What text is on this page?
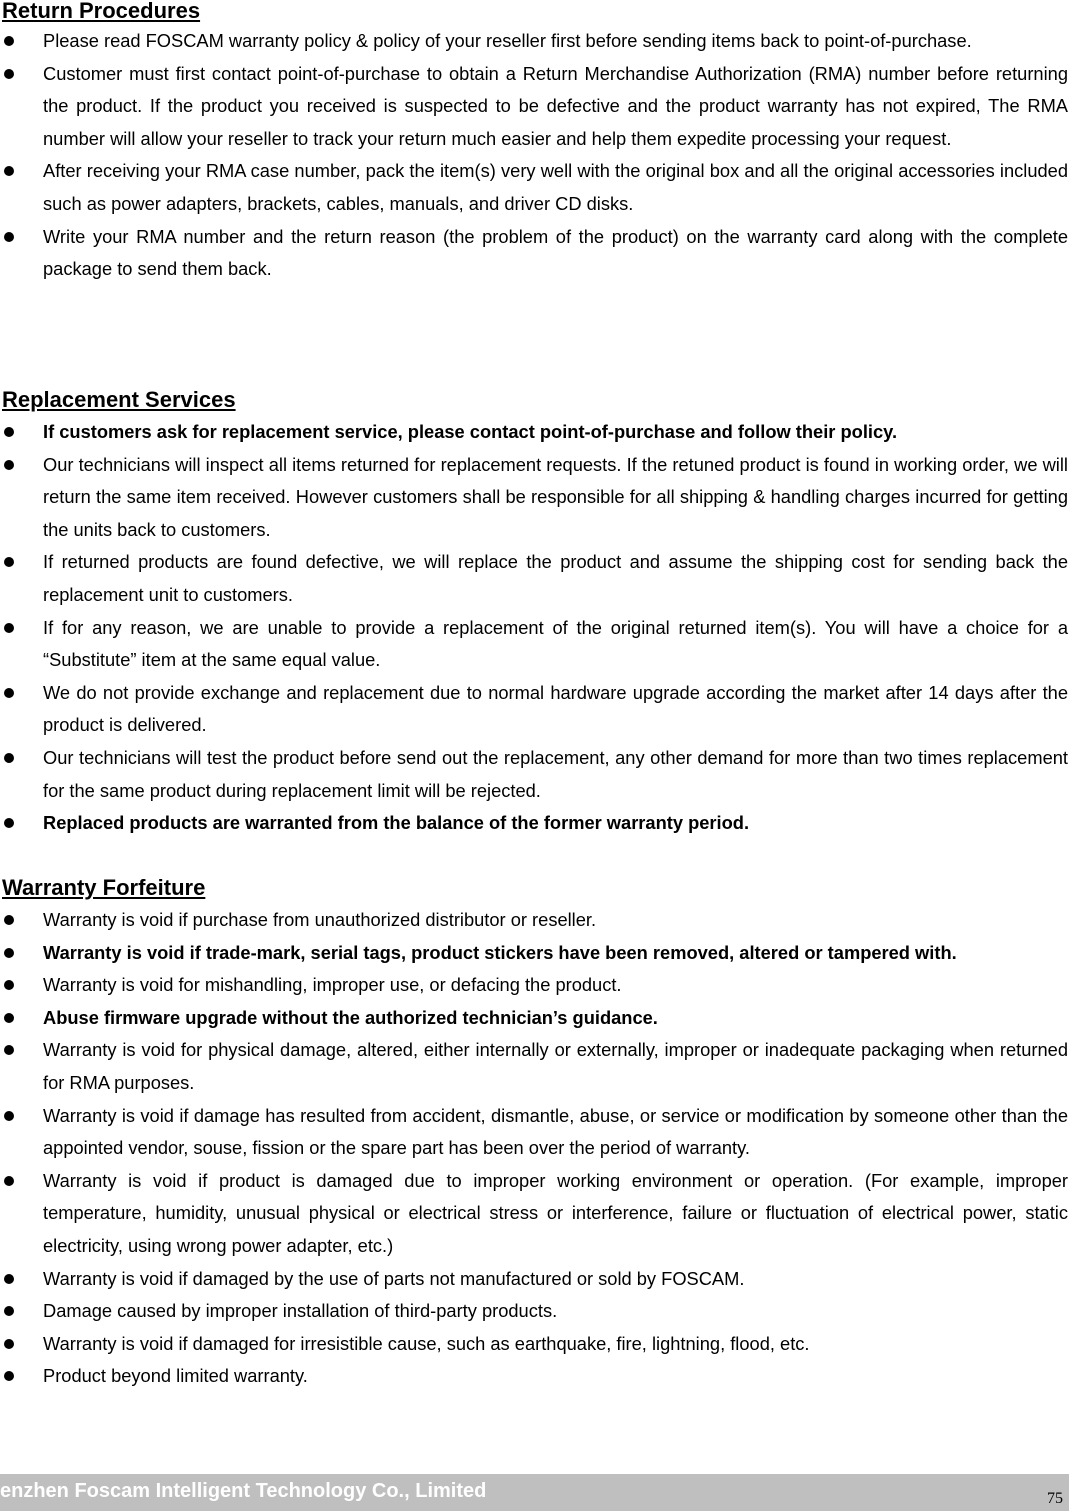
Return Procedures
Please read FOSCAM warranty policy & policy of your reseller first before sending items back to point-of-purchase.
Customer must first contact point-of-purchase to obtain a Return Merchandise Authorization (RMA) number before returning the product. If the product you received is suspected to be defective and the product warranty has not expired, The RMA number will allow your reseller to track your return much easier and help them expedite processing your request.
After receiving your RMA case number, pack the item(s) very well with the original box and all the original accessories included such as power adapters, brackets, cables, manuals, and driver CD disks.
Write your RMA number and the return reason (the problem of the product) on the warranty card along with the complete package to send them back.
Replacement Services
If customers ask for replacement service, please contact point-of-purchase and follow their policy.
Our technicians will inspect all items returned for replacement requests. If the retuned product is found in working order, we will return the same item received. However customers shall be responsible for all shipping & handling charges incurred for getting the units back to customers.
If returned products are found defective, we will replace the product and assume the shipping cost for sending back the replacement unit to customers.
If for any reason, we are unable to provide a replacement of the original returned item(s). You will have a choice for a “Substitute” item at the same equal value.
We do not provide exchange and replacement due to normal hardware upgrade according the market after 14 days after the product is delivered.
Our technicians will test the product before send out the replacement, any other demand for more than two times replacement for the same product during replacement limit will be rejected.
Replaced products are warranted from the balance of the former warranty period.
Warranty Forfeiture
Warranty is void if purchase from unauthorized distributor or reseller.
Warranty is void if trade-mark, serial tags, product stickers have been removed, altered or tampered with.
Warranty is void for mishandling, improper use, or defacing the product.
Abuse firmware upgrade without the authorized technician’s guidance.
Warranty is void for physical damage, altered, either internally or externally, improper or inadequate packaging when returned for RMA purposes.
Warranty is void if damage has resulted from accident, dismantle, abuse, or service or modification by someone other than the appointed vendor, souse, fission or the spare part has been over the period of warranty.
Warranty is void if product is damaged due to improper working environment or operation. (For example, improper temperature, humidity, unusual physical or electrical stress or interference, failure or fluctuation of electrical power, static electricity, using wrong power adapter, etc.)
Warranty is void if damaged by the use of parts not manufactured or sold by FOSCAM.
Damage caused by improper installation of third-party products.
Warranty is void if damaged for irresistible cause, such as earthquake, fire, lightning, flood, etc.
Product beyond limited warranty.
enzhen Foscam Intelligent Technology Co., Limited	75
